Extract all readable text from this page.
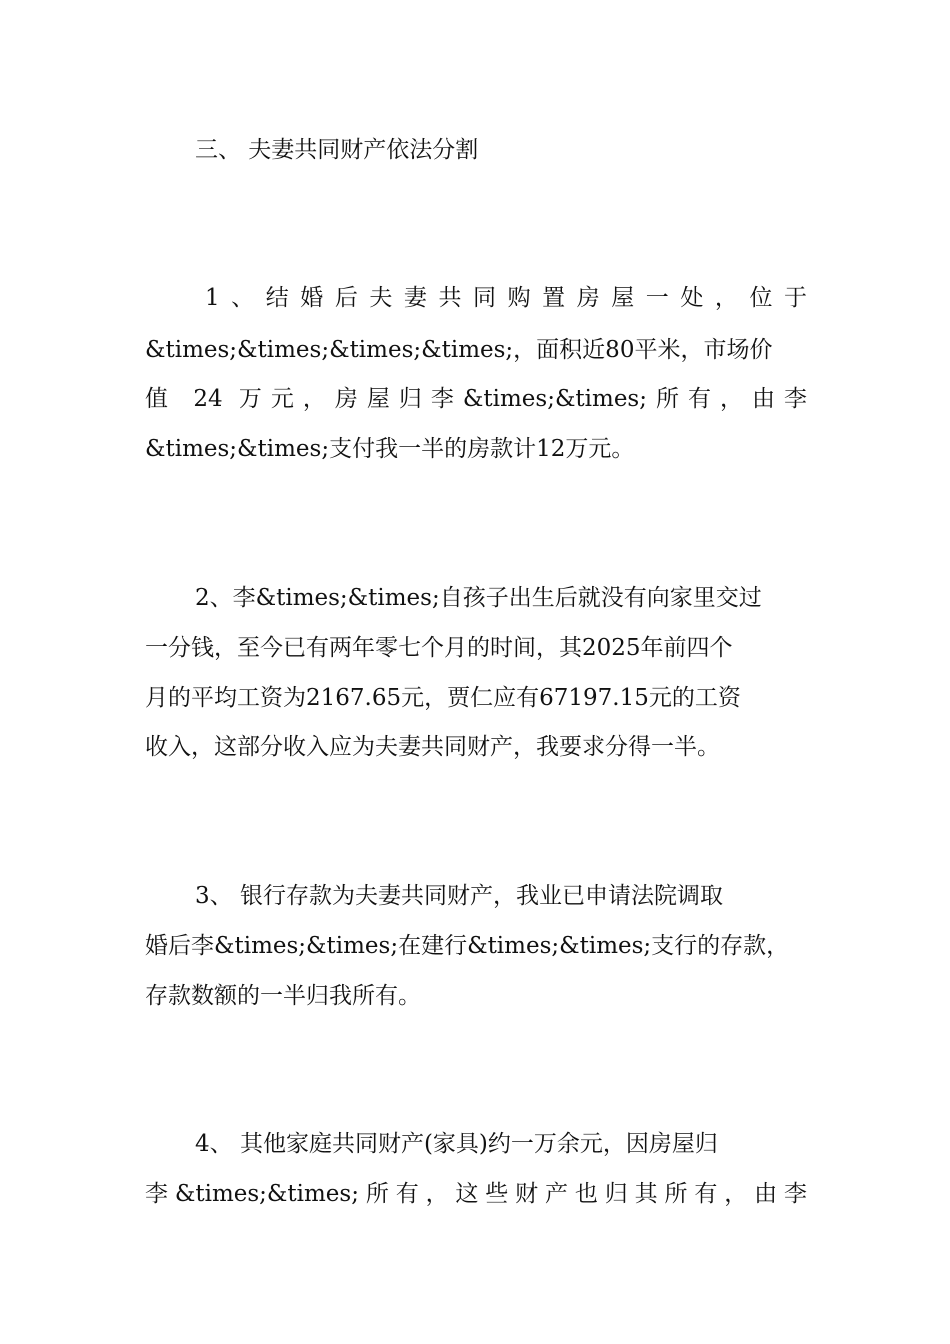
三、 夫妻共同财产依法分割

1、结婚后夫妻共同购置房屋一处，位于

&times;&times;&times;&times;，面积近80平米，市场价

值 24 万元，房屋归李&times;&times;所有，由李

&times;&times;支付我一半的房款计12万元。

2、李&times;&times;自孩子出生后就没有向家里交过

一分钱，至今已有两年零七个月的时间，其2025年前四个

月的平均工资为2167.65元，贾仁应有67197.15元的工资

收入，这部分收入应为夫妻共同财产，我要求分得一半。

3、 银行存款为夫妻共同财产，我业已申请法院调取

婚后李&times;&times;在建行&times;&times;支行的存款，

存款数额的一半归我所有。

4、 其他家庭共同财产(家具)约一万余元，因房屋归

李&times;&times;所有，这些财产也归其所有，由李
